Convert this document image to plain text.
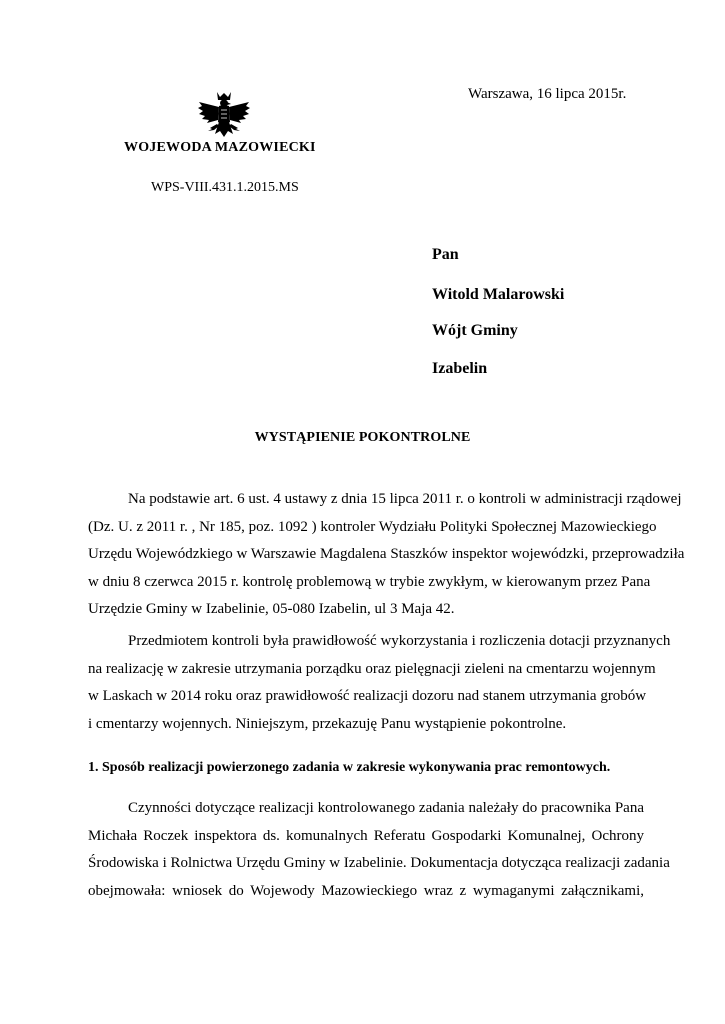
Warszawa, 16 lipca 2015r.
WOJEWODA MAZOWIECKI
WPS-VIII.431.1.2015.MS
Pan
Witold Malarowski
Wójt Gminy
Izabelin
WYSTĄPIENIE POKONTROLNE
Na podstawie art. 6 ust. 4 ustawy z dnia 15 lipca 2011 r. o kontroli w administracji rządowej
(Dz. U. z 2011 r. , Nr 185, poz. 1092 ) kontroler Wydziału Polityki Społecznej Mazowieckiego
Urzędu Wojewódzkiego w Warszawie Magdalena Staszków inspektor wojewódzki, przeprowadziła
w dniu 8 czerwca 2015 r. kontrolę problemową w trybie zwykłym, w kierowanym przez Pana
Urzędzie Gminy w Izabelinie, 05-080 Izabelin, ul 3 Maja 42.
Przedmiotem kontroli była prawidłowość wykorzystania i rozliczenia dotacji przyznanych
na realizację w zakresie utrzymania porządku oraz pielęgnacji zieleni na cmentarzu wojennym
w Laskach w 2014 roku oraz prawidłowość realizacji dozoru nad stanem utrzymania grobów
i cmentarzy wojennych. Niniejszym, przekazuję Panu wystąpienie pokontrolne.
1. Sposób realizacji powierzonego zadania w zakresie wykonywania prac remontowych.
Czynności dotyczące realizacji kontrolowanego zadania należały do pracownika Pana
Michała Roczek inspektora ds. komunalnych Referatu Gospodarki Komunalnej, Ochrony
Środowiska i Rolnictwa Urzędu Gminy w Izabelinie. Dokumentacja dotycząca realizacji zadania
obejmowała: wniosek do Wojewody Mazowieckiego wraz z wymaganymi załącznikami,
